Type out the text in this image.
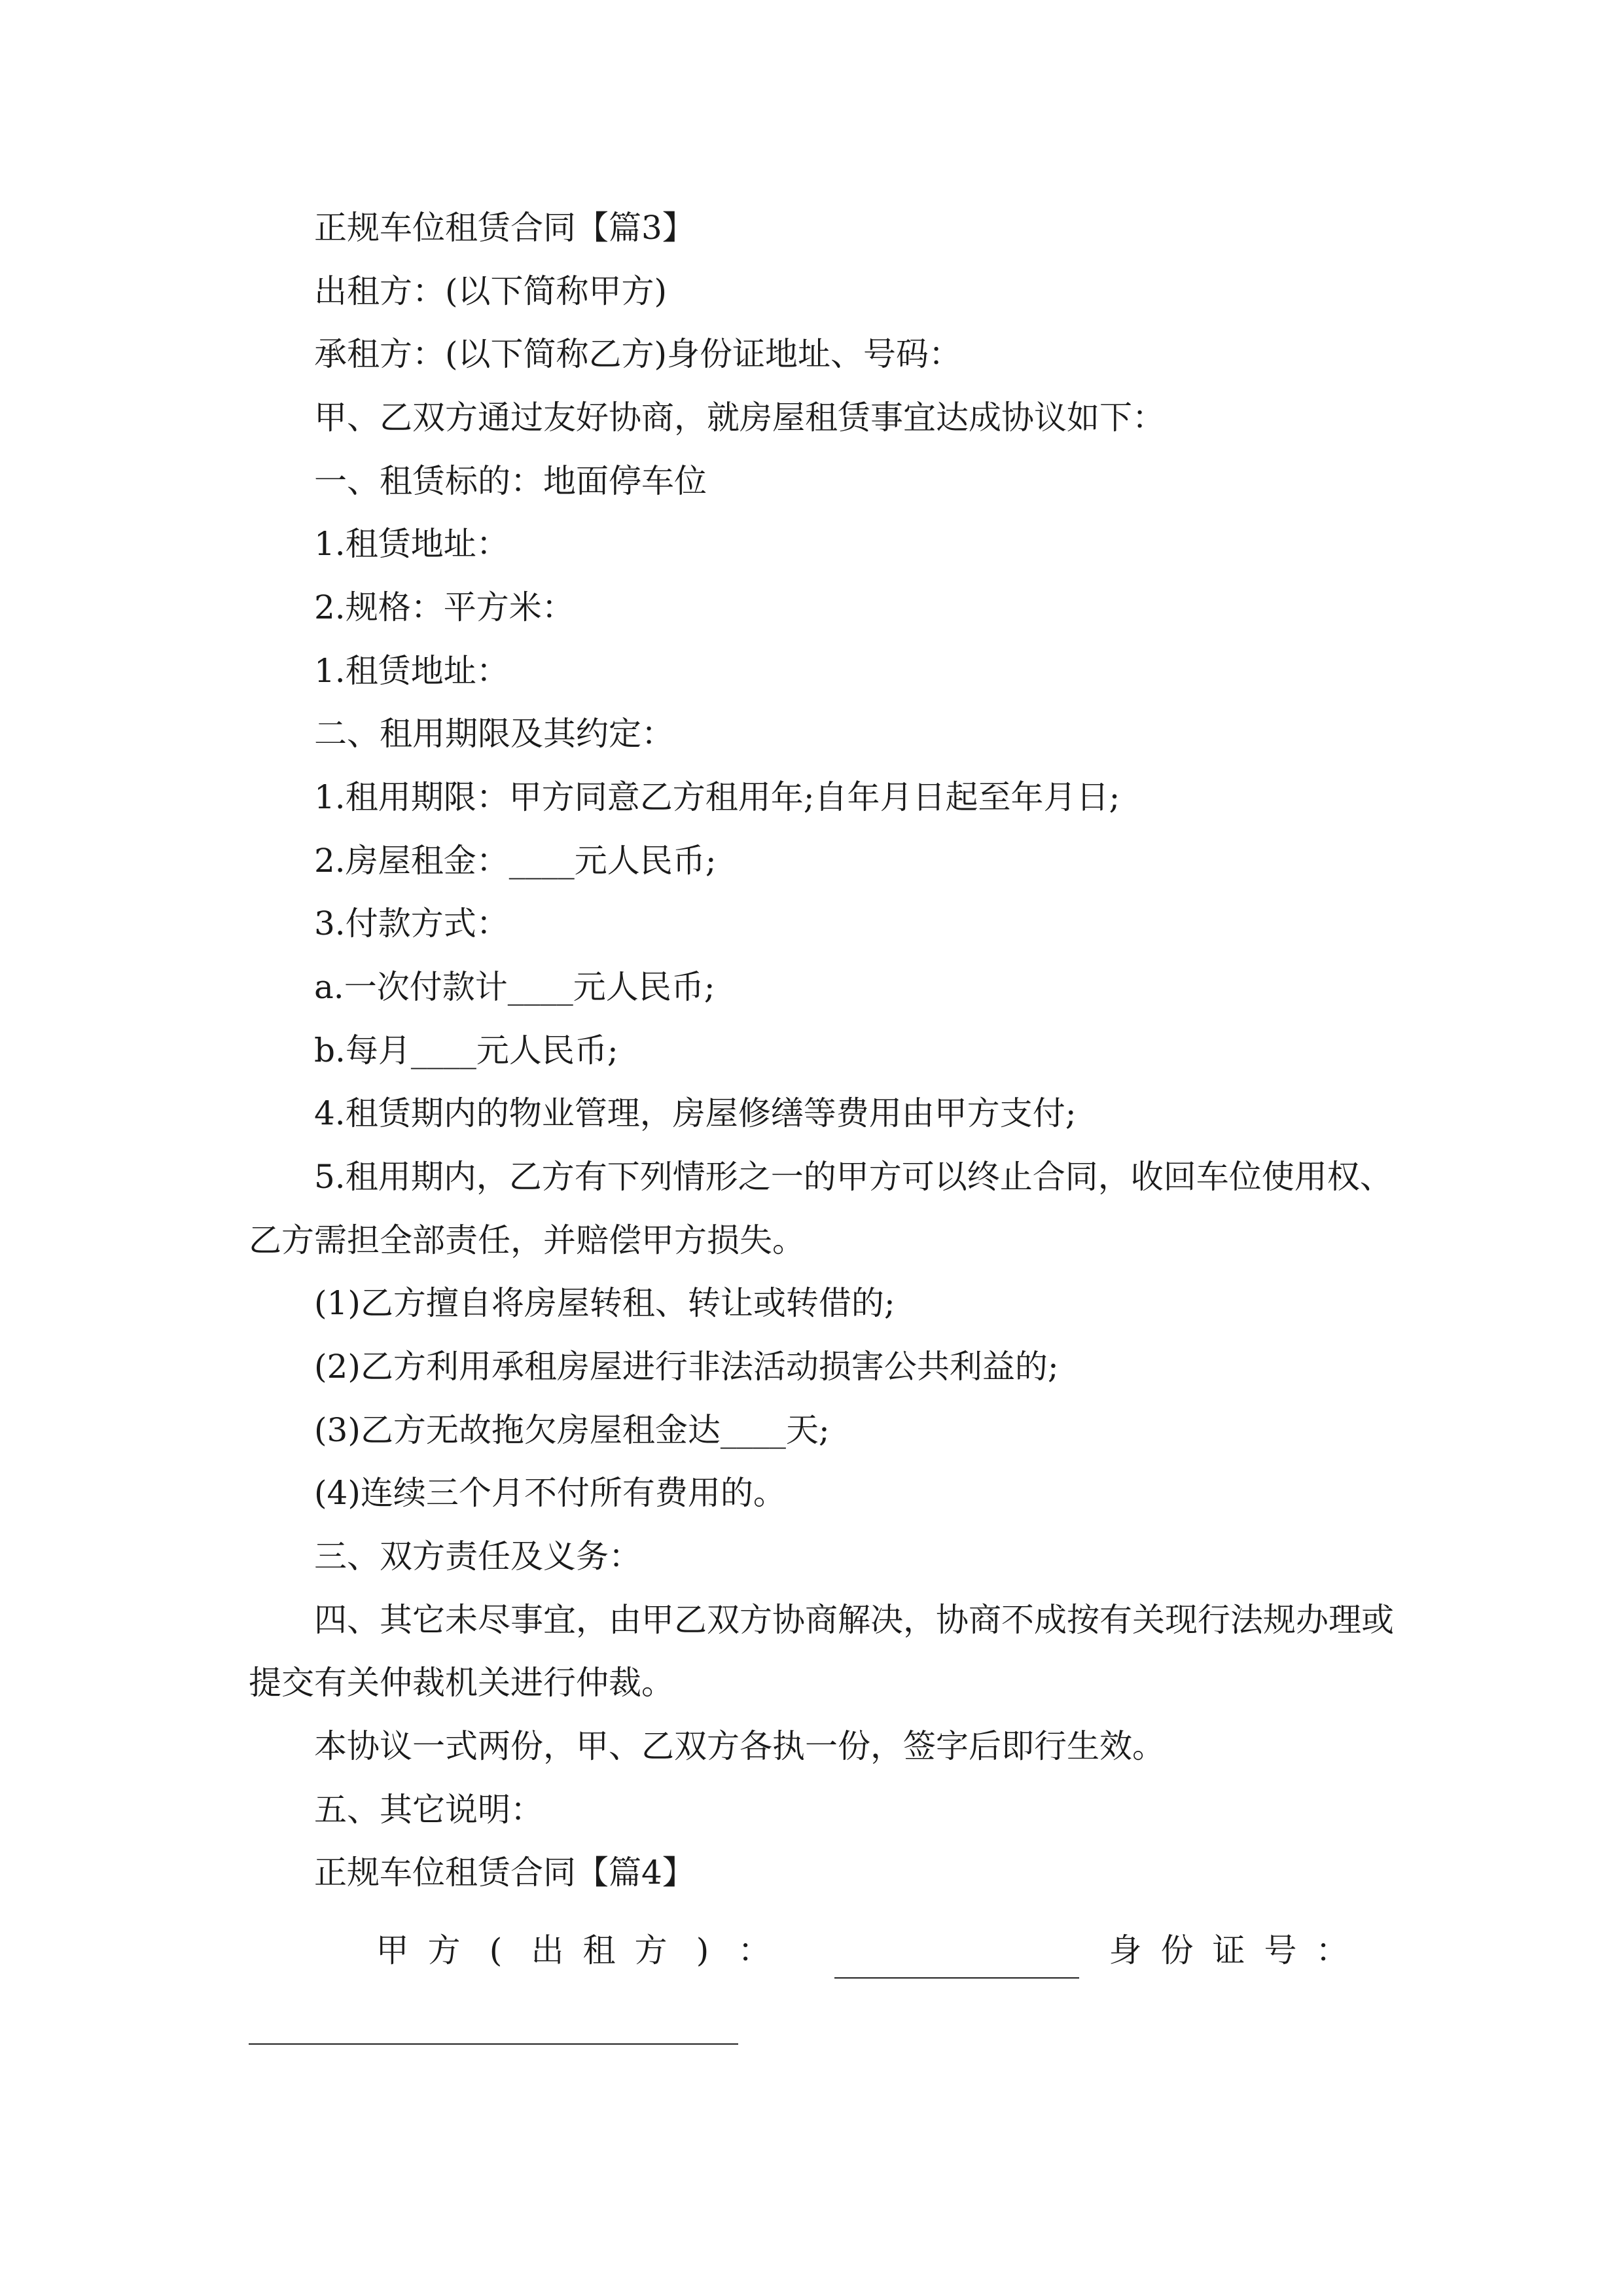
正规车位租赁合同【篇3】
出租方：(以下简称甲方)
承租方：(以下简称乙方)身份证地址、号码：
甲、乙双方通过友好协商，就房屋租赁事宜达成协议如下：
一、租赁标的：地面停车位
1.租赁地址：
2.规格：平方米：
1.租赁地址：
二、租用期限及其约定：
1.租用期限：甲方同意乙方租用年;自年月日起至年月日;
2.房屋租金：____元人民币;
3.付款方式：
a.一次付款计____元人民币;
b.每月____元人民币;
4.租赁期内的物业管理，房屋修缮等费用由甲方支付;
5.租用期内，乙方有下列情形之一的甲方可以终止合同，收回车位使用权、
乙方需担全部责任，并赔偿甲方损失。
(1)乙方擅自将房屋转租、转让或转借的;
(2)乙方利用承租房屋进行非法活动损害公共利益的;
(3)乙方无故拖欠房屋租金达____天;
(4)连续三个月不付所有费用的。
三、双方责任及义务：
四、其它未尽事宜，由甲乙双方协商解决，协商不成按有关现行法规办理或
提交有关仲裁机关进行仲裁。
本协议一式两份，甲、乙双方各执一份，签字后即行生效。
五、其它说明：
正规车位租赁合同【篇4】
甲 方 ( 出 租 方 ) ：	身 份 证 号 ：
